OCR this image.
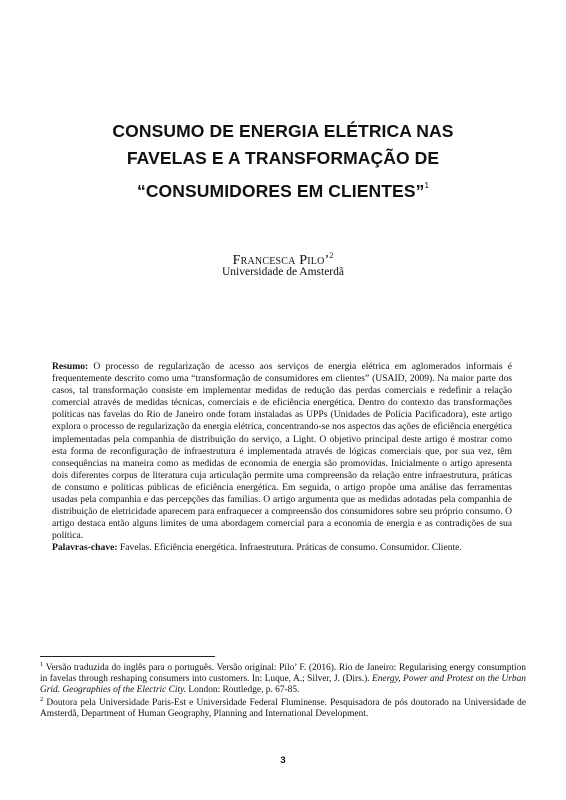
CONSUMO DE ENERGIA ELÉTRICA NAS
FAVELAS E A TRANSFORMAÇÃO DE
“CONSUMIDORES EM CLIENTES”$^1$
Francesca Pilo’$^2$
Universidade de Amsterdã

Resumo: O processo de regularização de acesso aos serviços de energia elétrica em aglomerados informais é frequentemente descrito como uma “transformação de consumidores em clientes” (USAID, 2009). Na maior parte dos casos, tal transformação consiste em implementar medidas de redução das perdas comerciais e redefinir a relação comercial através de medidas técnicas, comerciais e de eficiência energética. Dentro do contexto das transformações políticas nas favelas do Rio de Janeiro onde foram instaladas as UPPs (Unidades de Polícia Pacificadora), este artigo explora o processo de regularização da energia elétrica, concentrando-se nos aspectos das ações de eficiência energética implementadas pela companhia de distribuição do serviço, a Light. O objetivo principal deste artigo é mostrar como esta forma de reconfiguração de infraestrutura é implementada através de lógicas comerciais que, por sua vez, têm consequências na maneira como as medidas de economia de energia são promovidas. Inicialmente o artigo apresenta dois diferentes corpus de literatura cuja articulação permite uma compreensão da relação entre infraestrutura, práticas de consumo e políticas públicas de eficiência energética. Em seguida, o artigo propõe uma análise das ferramentas usadas pela companhia e das percepções das famílias. O artigo argumenta que as medidas adotadas pela companhia de distribuição de eletricidade aparecem para enfraquecer a compreensão dos consumidores sobre seu próprio consumo. O artigo destaca então alguns limites de uma abordagem comercial para a economia de energia e as contradições de sua política.

Palavras-chave: Favelas. Eficiência energética. Infraestrutura. Práticas de consumo. Consumidor. Cliente.

$^1$ Versão traduzida do inglês para o português. Versão original: Pilo’ F. (2016). Rio de Janeiro: Regularising energy consumption in favelas through reshaping consumers into customers. In: Luque, A.; Silver, J. (Dirs.). Energy, Power and Protest on the Urban Grid. Geographies of the Electric City. London: Routledge, p. 67-85.

$^2$ Doutora pela Universidade Paris-Est e Universidade Federal Fluminense. Pesquisadora de pós doutorado na Universidade de Amsterdã, Department of Human Geography, Planning and International Development.

3
